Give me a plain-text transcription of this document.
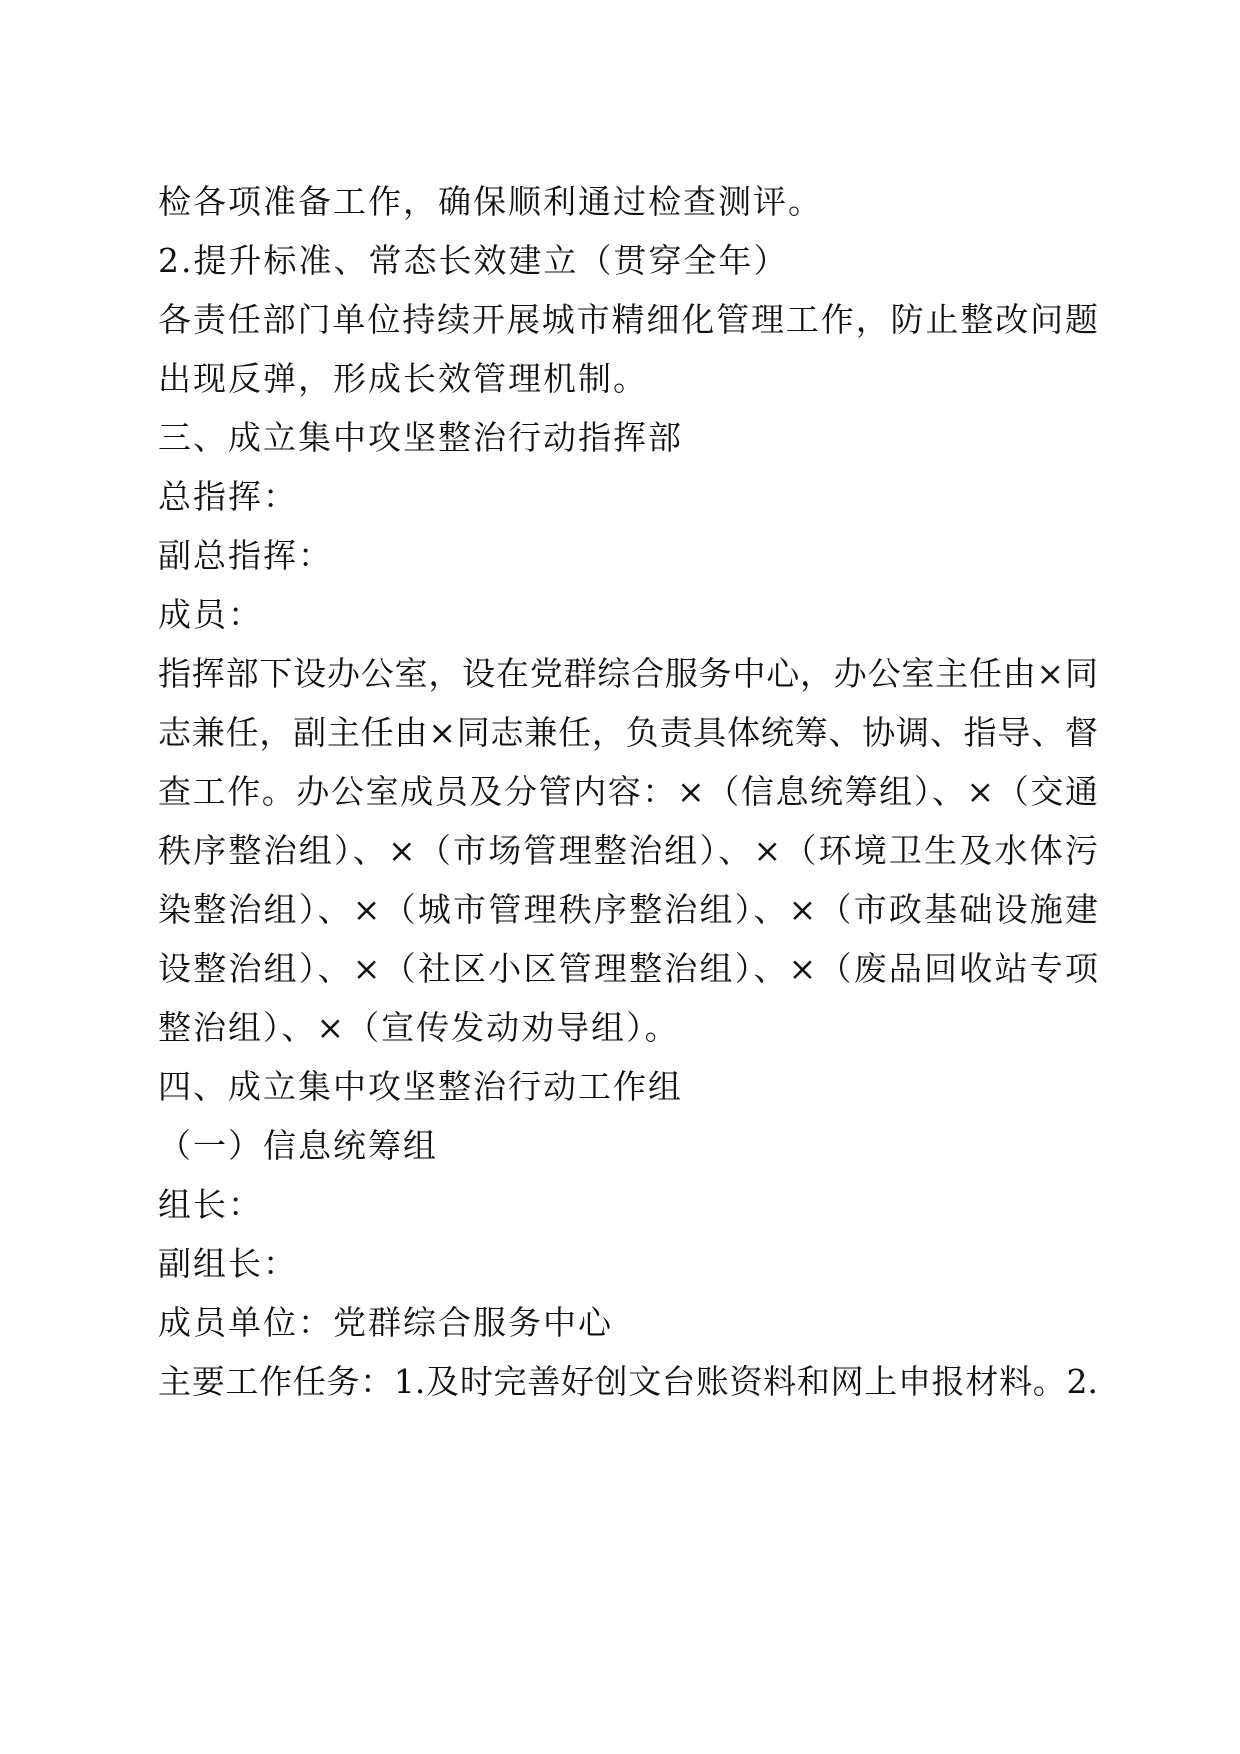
检各项准备工作，确保顺利通过检查测评。
2.提升标准、常态长效建立（贯穿全年）
各责任部门单位持续开展城市精细化管理工作，防止整改问题
出现反弹，形成长效管理机制。
三、成立集中攻坚整治行动指挥部
总指挥：
副总指挥：
成员：
指挥部下设办公室，设在党群综合服务中心，办公室主任由×同
志兼任，副主任由×同志兼任，负责具体统筹、协调、指导、督
查工作。办公室成员及分管内容：×（信息统筹组）、×（交通
秩序整治组）、×（市场管理整治组）、×（环境卫生及水体污
染整治组）、×（城市管理秩序整治组）、×（市政基础设施建
设整治组）、×（社区小区管理整治组）、×（废品回收站专项
整治组）、×（宣传发动劝导组）。
四、成立集中攻坚整治行动工作组
（一）信息统筹组
组长：
副组长：
成员单位：党群综合服务中心
主要工作任务：1.及时完善好创文台账资料和网上申报材料。2.
